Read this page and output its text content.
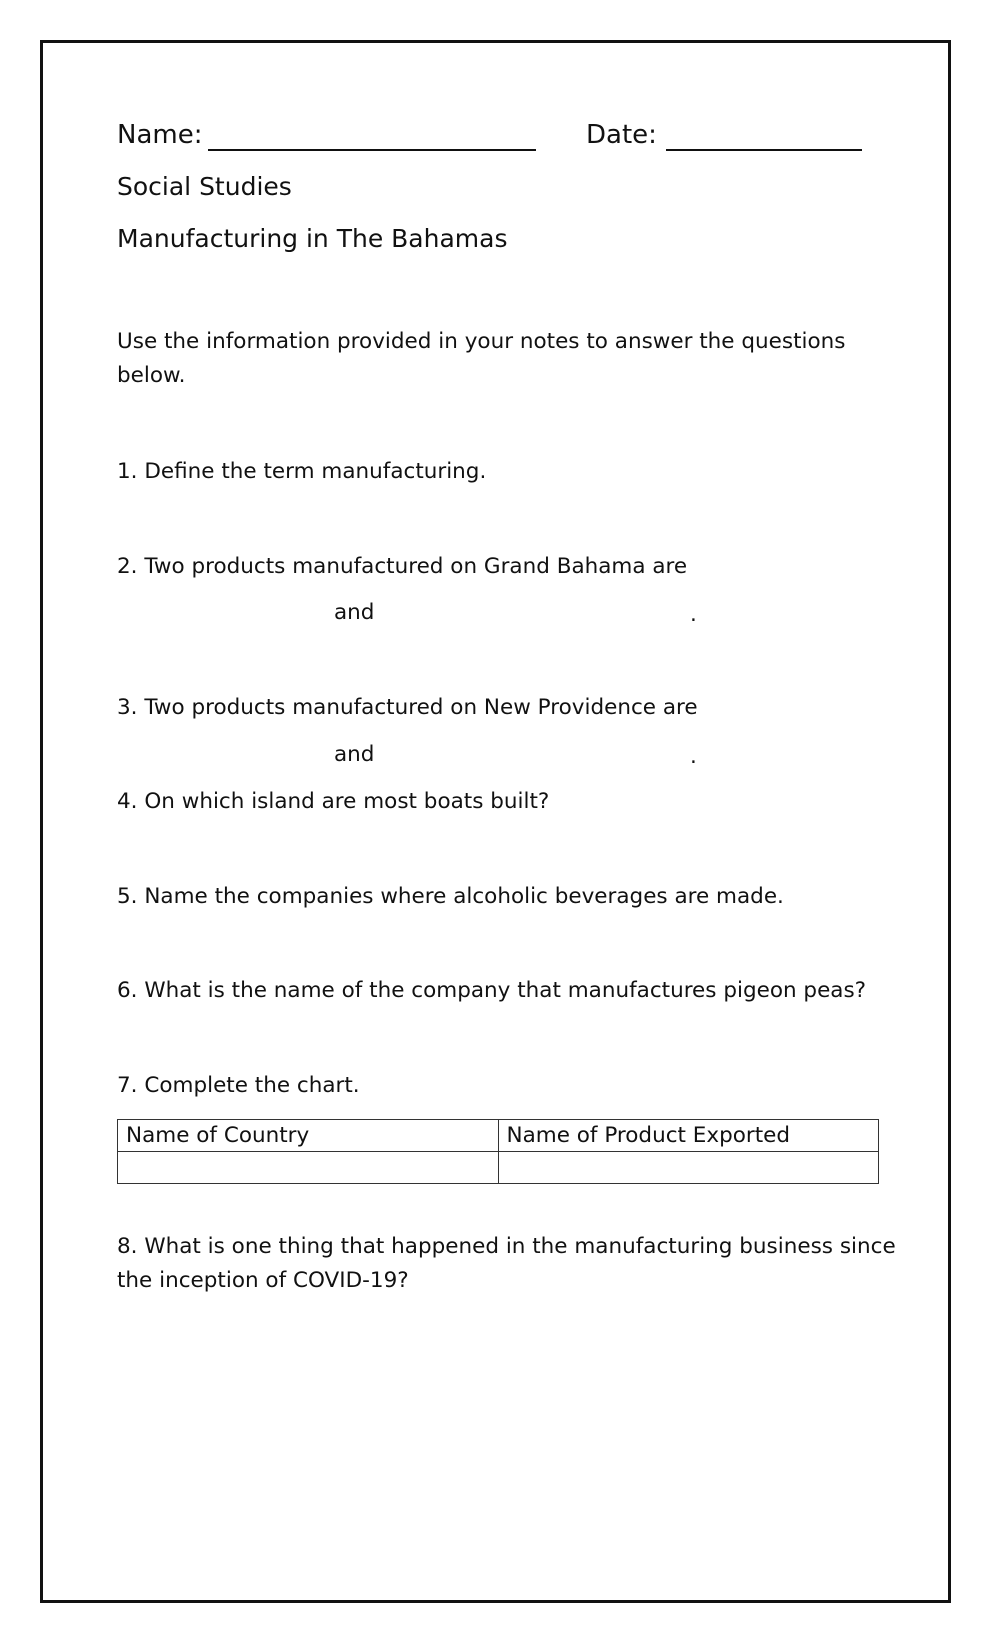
Name:	Date:
Social Studies
Manufacturing in The Bahamas
Use the information provided in your notes to answer the questions below.
1. Define the term manufacturing.
2. Two products manufactured on Grand Bahama are
and	.
3. Two products manufactured on New Providence are
and	.
4. On which island are most boats built?
5. Name the companies where alcoholic beverages are made.
6. What is the name of the company that manufactures pigeon peas?
7. Complete the chart.
Name of Country	Name of Product Exported

8. What is one thing that happened in the manufacturing business since
the inception of COVID-19?
